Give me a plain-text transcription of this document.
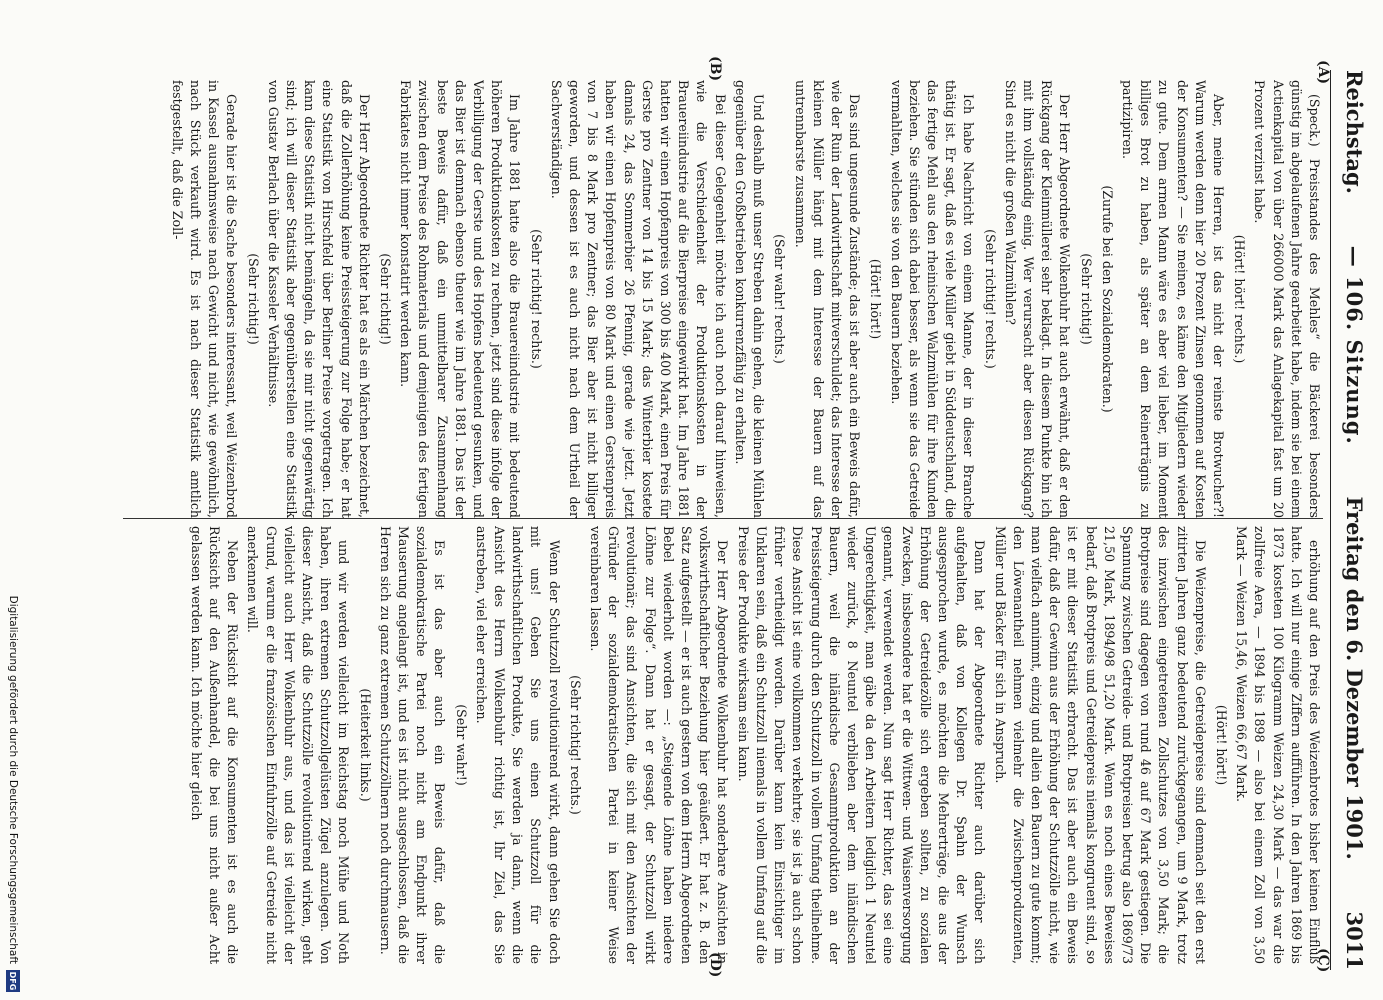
Reichstag.
— 106. Sitzung.
Freitag den 6. Dezember 1901.
3011
(A)
(B)
(C)
(D)

(Speck.) Preisstandes des Mehles“ die Bäckerei besonders günstig im abgelaufenen Jahre gearbeitet habe, indem sie bei einem Actienkapital von über 266000 Mark das Anlagekapital fast um 20 Prozent verzinst habe.

(Hört! hört! rechts.)

Aber, meine Herren, ist das nicht der reinste Brotwucher?! Warum werden denn hier 20 Prozent Zinsen genommen auf Kosten der Konsumenten? — Sie meinen, es käme den Mitgliedern wieder zu gute. Dem armen Mann wäre es aber viel lieber, im Moment billiges Brot zu haben, als später an dem Reinerträgnis zu partizipiren.

(Zurufe bei den Sozialdemokraten.)

(Sehr richtig!)

Der Herr Abgeordnete Wolkenbuhr hat auch erwähnt, daß er den Rückgang der Kleinmüllerei sehr beklagt. In diesem Punkte bin ich mit ihm vollständig einig. Wer verursacht aber diesen Rückgang? Sind es nicht die großen Walzmühlen?

(Sehr richtig! rechts.)

Ich habe Nachricht von einem Manne, der in dieser Branche thätig ist. Er sagt, daß es viele Müller giebt in Süddeutschland, die das fertige Mehl aus den rheinischen Walzmühlen für ihre Kunden beziehen. Sie stünden sich dabei besser, als wenn sie das Getreide vermahlten, welches sie von den Bauern beziehen.

(Hört! hört!)

Das sind ungesunde Zustände; das ist aber auch ein Beweis dafür, wie der Ruin der Landwirthschaft mitverschuldet; das Interesse der kleinen Müller hängt mit dem Interesse der Bauern auf das untrennbarste zusammen.

(Sehr wahr! rechts.)

Und deshalb muß unser Streben dahin gehen, die kleinen Mühlen gegenüber den Großbetrieben konkurrenzfähig zu erhalten.

Bei dieser Gelegenheit möchte ich auch noch darauf hinweisen, wie die Verschiedenheit der Produktionskosten in der Brauereiindustrie auf die Bierpreise eingewirkt hat. Im Jahre 1881 hatten wir einen Hopfenpreis von 300 bis 400 Mark, einen Preis für Gerste pro Zentner von 14 bis 15 Mark; das Winterbier kostete damals 24, das Sommerbier 26 Pfennig, gerade wie jetzt. Jetzt haben wir einen Hopfenpreis von 80 Mark und einen Gerstenpreis von 7 bis 8 Mark pro Zentner; das Bier aber ist nicht billiger geworden, und dessen ist es auch nicht nach dem Urtheil der Sachverständigen.

(Sehr richtig! rechts.)

Im Jahre 1881 hatte also die Brauereiindustrie mit bedeutend höheren Produktionskosten zu rechnen, jetzt sind diese infolge der Verbilligung der Gerste und des Hopfens bedeutend gesunken, und das Bier ist demnach ebenso theuer wie im Jahre 1881. Das ist der beste Beweis dafür, daß ein unmittelbarer Zusammenhang zwischen dem Preise des Rohmaterials und demjenigen des fertigen Fabrikates nicht immer konstatirt werden kann.

(Sehr richtig!)

Der Herr Abgeordnete Richter hat es als ein Märchen bezeichnet, daß die Zollerhöhung keine Preissteigerung zur Folge habe; er hat eine Statistik von Hirschfeld über Berliner Preise vorgetragen. Ich kann diese Statistik nicht bemängeln, da sie mir nicht gegenwärtig sind; ich will dieser Statistik aber gegenüberstellen eine Statistik von Gustav Berlach über die Kasseler Verhältnisse.

(Sehr richtig!)

Gerade hier ist die Sache besonders interessant, weil Weizenbrod in Kassel ausnahmsweise nach Gewicht und nicht, wie gewöhnlich, nach Stück verkauft wird. Es ist nach dieser Statistik amtlich festgestellt, daß die Zoll-

erhöhung auf den Preis des Weizenbrotes bisher keinen Einfluß hatte. Ich will nur einige Ziffern aufführen. In den Jahren 1869 bis 1873 kosteten 100 Kilogramm Weizen 24,30 Mark — das war die zollfreie Aera, — 1894 bis 1898 — also bei einem Zoll von 3,50 Mark — Weizen 15,46, Weizen 66,67 Mark.

(Hört! hört!)

Die Weizenpreise, die Getreidepreise sind demnach seit den erst zitirten Jahren ganz bedeutend zurückgegangen, um 9 Mark, trotz des inzwischen eingetretenen Zollschutzes von 3,50 Mark; die Brotpreise sind dagegen von rund 46 auf 67 Mark gestiegen. Die Spannung zwischen Getreide- und Brotpreisen betrug also 1869/73 21,50 Mark, 1894/98 51,20 Mark. Wenn es noch eines Beweises bedarf, daß Brotpreis und Getreidepreis niemals kongruent sind, so ist er mit dieser Statistik erbracht. Das ist aber auch ein Beweis dafür, daß der Gewinn aus der Erhöhung der Schutzzölle nicht, wie man vielfach annimmt, einzig und allein den Bauern zu gute kommt; den Löwenantheil nehmen vielmehr die Zwischenproduzenten, Müller und Bäcker für sich in Anspruch.

Dann hat der Abgeordnete Richter auch darüber sich aufgehalten, daß von Kollegen Dr. Spahn der Wunsch ausgesprochen wurde, es möchten die Mehrerträge, die aus der Erhöhung der Getreidezölle sich ergeben sollten, zu sozialen Zwecken, insbesondere hat er die Wittwen- und Waisenversorgung genannt, verwendet werden. Nun sagt Herr Richter, das sei eine Ungerechtigkeit, man gäbe da den Arbeitern lediglich 1 Neuntel wieder zurück, 8 Neuntel verblieben aber dem inländischen Bauern, weil die inländische Gesammtproduktion an der Preissteigerung durch den Schutzzoll in vollem Umfang theilnehme. Diese Ansicht ist eine vollkommen verkehrte; sie ist ja auch schon früher vertheidigt worden. Darüber kann kein Einsichtiger im Unklaren sein, daß ein Schutzzoll niemals in vollem Umfang auf die Preise der Produkte wirksam sein kann.

Der Herr Abgeordnete Wolkenbuhr hat sonderbare Ansichten in volkswirthschaftlicher Beziehung hier geäußert. Er hat z. B. den Satz aufgestellt — er ist auch gestern von dem Herrn Abgeordneten Bebel wiederholt worden —: „Steigende Löhne haben niedere Löhne zur Folge“. Dann hat er gesagt, der Schutzzoll wirkt revolutionär; das sind Ansichten, die sich mit den Ansichten der Gründer der sozialdemokratischen Partei in keiner Weise vereinbaren lassen.

(Sehr richtig! rechts.)

Wenn der Schutzzoll revolutionirend wirkt, dann gehen Sie doch mit uns! Geben Sie uns einen Schutzzoll für die landwirthschaftlichen Produkte, Sie werden ja dann, wenn die Ansicht des Herrn Wolkenbuhr richtig ist, Ihr Ziel, das Sie anstreben, viel eher erreichen.

(Sehr wahr!)

Es ist das aber auch ein Beweis dafür, daß die sozialdemokratische Partei noch nicht am Endpunkt ihrer Mauserung angelangt ist, und es ist nicht ausgeschlossen, daß die Herren sich zu ganz extremen Schutzzöllnern noch durchmausern.

(Heiterkeit links.)

und wir werden vielleicht im Reichstag noch Mühe und Noth haben, ihren extremen Schutzzollgelüsten Zügel anzulegen. Von dieser Ansicht, daß die Schutzzölle revolutionirend wirken, geht vielleicht auch Herr Wolkenbuhr aus, und das ist vielleicht der Grund, warum er die französischen Einfuhrzölle auf Getreide nicht anerkennen will.

Neben der Rücksicht auf die Konsumenten ist es auch die Rücksicht auf den Außenhandel, die bei uns nicht außer Acht gelassen werden kann. Ich möchte hier gleich

Digitalisierung gefördert durch die Deutsche Forschungsgemeinschaft
DFG
